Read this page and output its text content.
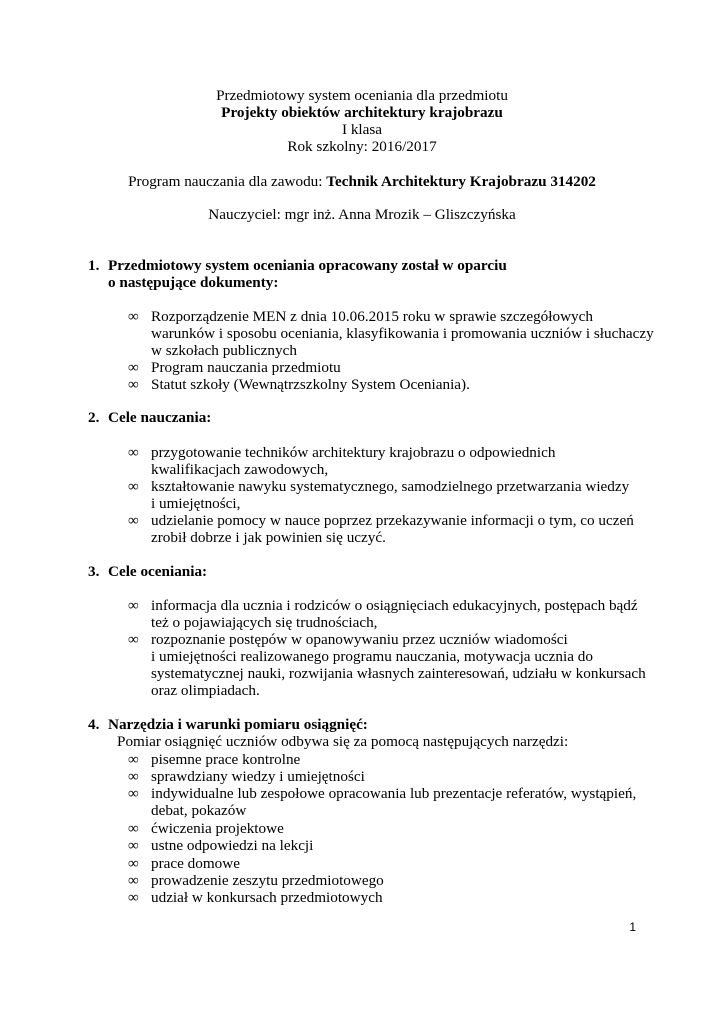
Przedmiotowy system oceniania dla przedmiotu
Projekty obiektów architektury krajobrazu
I klasa
Rok szkolny: 2016/2017
Program nauczania dla zawodu: Technik Architektury Krajobrazu 314202
Nauczyciel: mgr inż. Anna Mrozik – Gliszczyńska
1. Przedmiotowy system oceniania opracowany został w oparciu
o następujące dokumenty:
∞ Rozporządzenie MEN z dnia 10.06.2015 roku w sprawie szczegółowych
warunków i sposobu oceniania, klasyfikowania i promowania uczniów i słuchaczy
w szkołach publicznych
∞ Program nauczania przedmiotu
∞ Statut szkoły (Wewnątrzszkolny System Oceniania).
2. Cele nauczania:
∞ przygotowanie techników architektury krajobrazu o odpowiednich
kwalifikacjach zawodowych,
∞ kształtowanie nawyku systematycznego, samodzielnego przetwarzania wiedzy
i umiejętności,
∞ udzielanie pomocy w nauce poprzez przekazywanie informacji o tym, co uczeń
zrobił dobrze i jak powinien się uczyć.
3. Cele oceniania:
∞ informacja dla ucznia i rodziców o osiągnięciach edukacyjnych, postępach bądź
też o pojawiających się trudnościach,
∞ rozpoznanie postępów w opanowywaniu przez uczniów wiadomości
i umiejętności realizowanego programu nauczania, motywacja ucznia do
systematycznej nauki, rozwijania własnych zainteresowań, udziału w konkursach
oraz olimpiadach.
4. Narzędzia i warunki pomiaru osiągnięć:
Pomiar osiągnięć uczniów odbywa się za pomocą następujących narzędzi:
∞ pisemne prace kontrolne
∞ sprawdziany wiedzy i umiejętności
∞ indywidualne lub zespołowe opracowania lub prezentacje referatów, wystąpień,
debat, pokazów
∞ ćwiczenia projektowe
∞ ustne odpowiedzi na lekcji
∞ prace domowe
∞ prowadzenie zeszytu przedmiotowego
∞ udział w konkursach przedmiotowych
1
